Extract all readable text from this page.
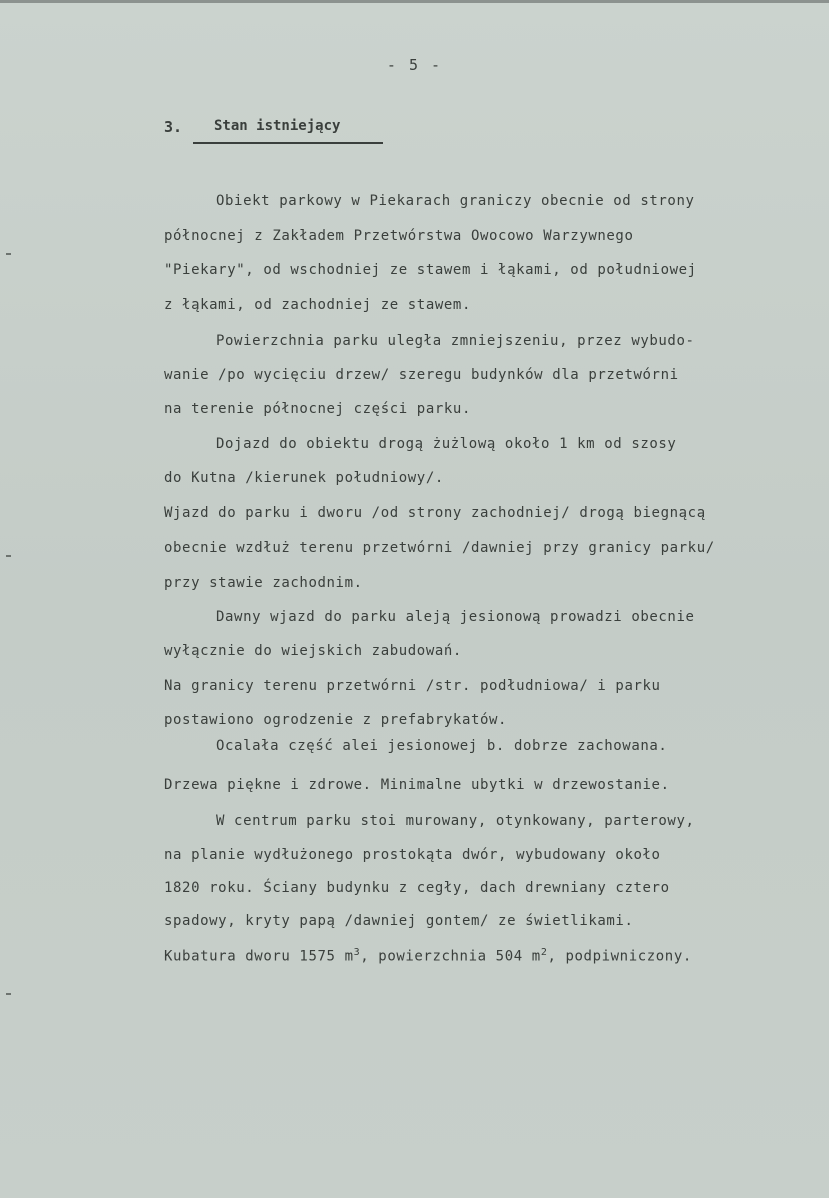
- 5 -
3. Stan istniejący
Obiekt parkowy w Piekarach graniczy obecnie od strony
północnej z Zakładem Przetwórstwa Owocowo Warzywnego
"Piekary", od wschodniej ze stawem i łąkami, od południowej
z łąkami, od zachodniej ze stawem.
Powierzchnia parku uległa zmniejszeniu, przez wybudo-
wanie /po wycięciu drzew/ szeregu budynków dla przetwórni
na terenie północnej części parku.
Dojazd do obiektu drogą żużlową około 1 km od szosy
do Kutna /kierunek południowy/.
Wjazd do parku i dworu /od strony zachodniej/ drogą biegnącą
obecnie wzdłuż terenu przetwórni /dawniej przy granicy parku/
przy stawie zachodnim.
Dawny wjazd do parku aleją jesionową prowadzi obecnie
wyłącznie do wiejskich zabudowań.
Na granicy terenu przetwórni /str. podłudniowa/ i parku
postawiono ogrodzenie z prefabrykatów.
Ocalała część alei jesionowej b. dobrze zachowana.
Drzewa piękne i zdrowe. Minimalne ubytki w drzewostanie.
W centrum parku stoi murowany, otynkowany, parterowy,
na planie wydłużonego prostokąta dwór, wybudowany około
1820 roku. Ściany budynku z cegły, dach drewniany cztero
spadowy, kryty papą /dawniej gontem/ ze świetlikami.
Kubatura dworu 1575 $m^3$, powierzchnia 504 $m^2$, podpiwniczony.
